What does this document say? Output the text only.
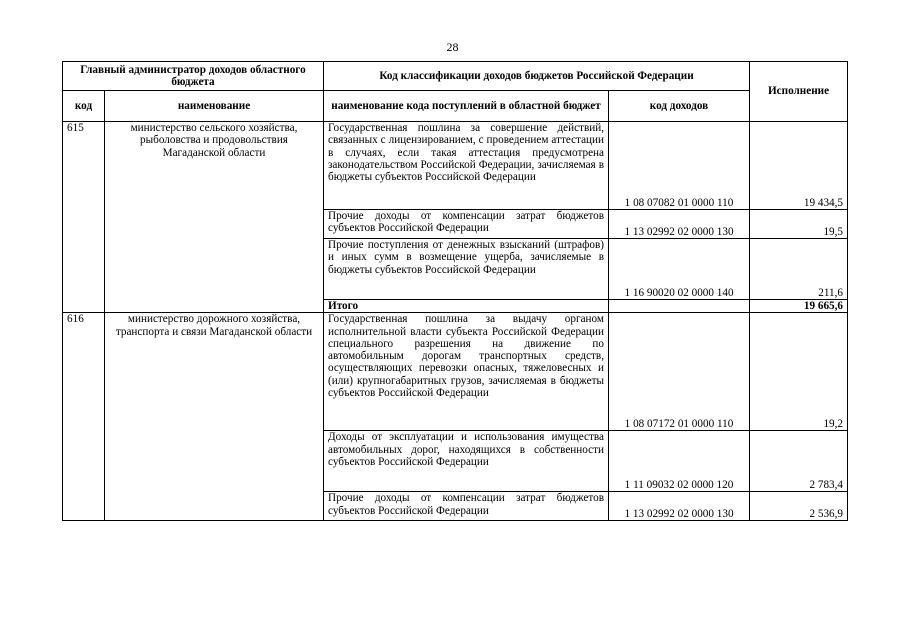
28
Главный администратор доходов областного бюджета		Код классификации доходов бюджетов Российской Федерации		Исполнение
код	наименование	наименование кода поступлений в областной бюджет	код доходов	
615	министерство сельского хозяйства, рыболовства и продовольствия Магаданской области	Государственная пошлина за совершение действий, связанных с лицензированием, с проведением аттестации в случаях, если такая аттестация предусмотрена законодательством Российской Федерации, зачисляемая в бюджеты субъектов Российской Федерации	1 08 07082 01 0000 110	19 434,5
		Прочие доходы от компенсации затрат бюджетов субъектов Российской Федерации	1 13 02992 02 0000 130	19,5
		Прочие поступления от денежных взысканий (штрафов) и иных сумм в возмещение ущерба, зачисляемые в бюджеты субъектов Российской Федерации	1 16 90020 02 0000 140	211,6
		Итого		19 665,6
616	министерство дорожного хозяйства, транспорта и связи Магаданской области	Государственная пошлина за выдачу органом исполнительной власти субъекта Российской Федерации специального разрешения на движение по автомобильным дорогам транспортных средств, осуществляющих перевозки опасных, тяжеловесных и (или) крупногабаритных грузов, зачисляемая в бюджеты субъектов Российской Федерации	1 08 07172 01 0000 110	19,2
		Доходы от эксплуатации и использования имущества автомобильных дорог, находящихся в собственности субъектов Российской Федерации	1 11 09032 02 0000 120	2 783,4
		Прочие доходы от компенсации затрат бюджетов субъектов Российской Федерации	1 13 02992 02 0000 130	2 536,9
